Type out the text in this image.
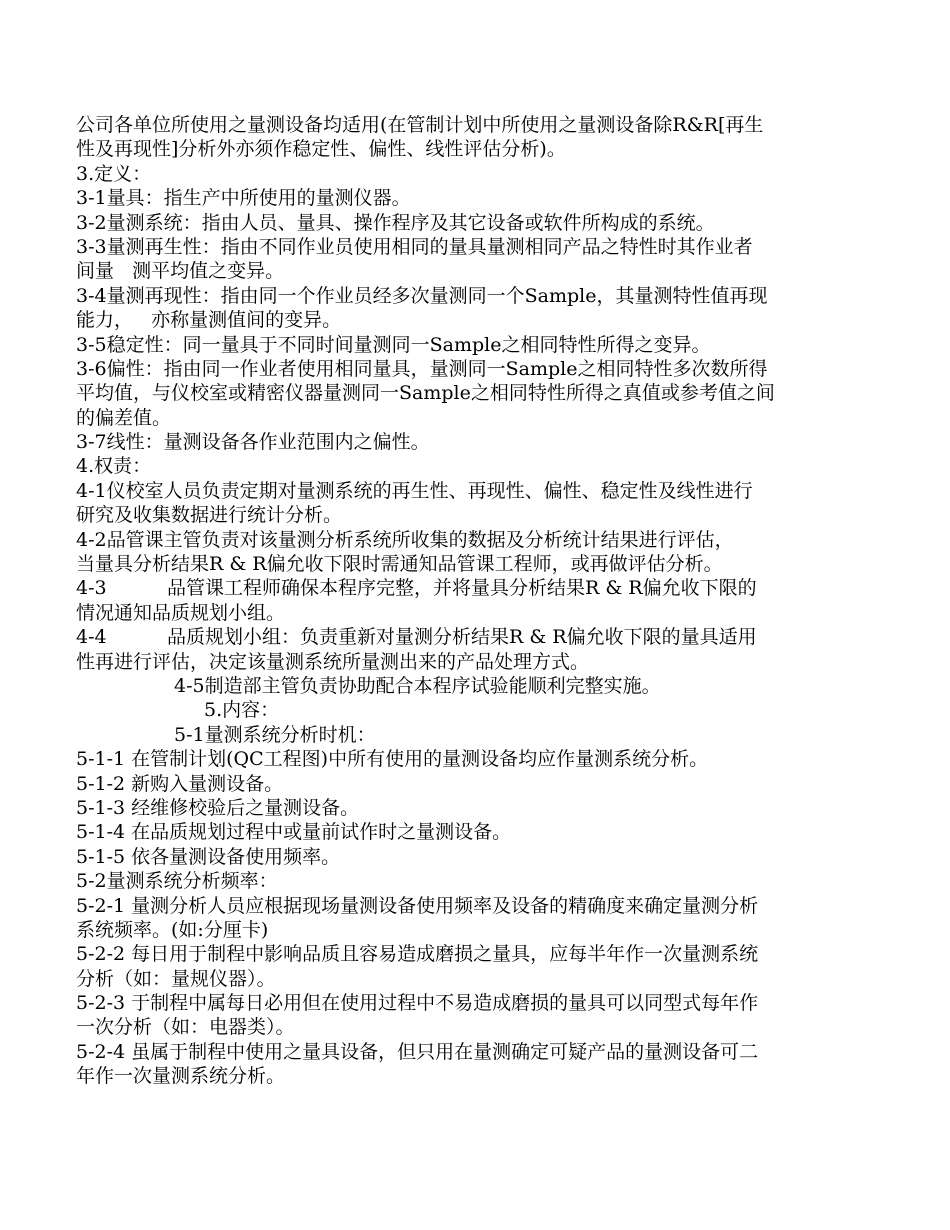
公司各单位所使用之量测设备均适用(在管制计划中所使用之量测设备除R&R[再生
性及再现性]分析外亦须作稳定性、偏性、线性评估分析)。
3.定义：
3-1量具：指生产中所使用的量测仪器。
3-2量测系统：指由人员、量具、操作程序及其它设备或软件所构成的系统。
3-3量测再生性：指由不同作业员使用相同的量具量测相同产品之特性时其作业者
间量   测平均值之变异。
3-4量测再现性：指由同一个作业员经多次量测同一个Sample，其量测特性值再现
能力，   亦称量测值间的变异。
3-5稳定性：同一量具于不同时间量测同一Sample之相同特性所得之变异。
3-6偏性：指由同一作业者使用相同量具，量测同一Sample之相同特性多次数所得
平均值，与仪校室或精密仪器量测同一Sample之相同特性所得之真值或参考值之间
的偏差值。
3-7线性：量测设备各作业范围内之偏性。
4.权责：
4-1仪校室人员负责定期对量测系统的再生性、再现性、偏性、稳定性及线性进行
研究及收集数据进行统计分析。
4-2品管课主管负责对该量测分析系统所收集的数据及分析统计结果进行评估，
当量具分析结果R & R偏允收下限时需通知品管课工程师，或再做评估分析。
4-3          品管课工程师确保本程序完整，并将量具分析结果R & R偏允收下限的
情况通知品质规划小组。
4-4          品质规划小组：负责重新对量测分析结果R & R偏允收下限的量具适用
性再进行评估，决定该量测系统所量测出来的产品处理方式。
4-5制造部主管负责协助配合本程序试验能顺利完整实施。
5.内容：
5-1量测系统分析时机：
5-1-1 在管制计划(QC工程图)中所有使用的量测设备均应作量测系统分析。
5-1-2 新购入量测设备。
5-1-3 经维修校验后之量测设备。
5-1-4 在品质规划过程中或量前试作时之量测设备。
5-1-5 依各量测设备使用频率。
5-2量测系统分析频率：
5-2-1 量测分析人员应根据现场量测设备使用频率及设备的精确度来确定量测分析
系统频率。(如:分厘卡)
5-2-2 每日用于制程中影响品质且容易造成磨损之量具，应每半年作一次量测系统
分析（如：量规仪器）。
5-2-3 于制程中属每日必用但在使用过程中不易造成磨损的量具可以同型式每年作
一次分析（如：电器类）。
5-2-4 虽属于制程中使用之量具设备，但只用在量测确定可疑产品的量测设备可二
年作一次量测系统分析。
